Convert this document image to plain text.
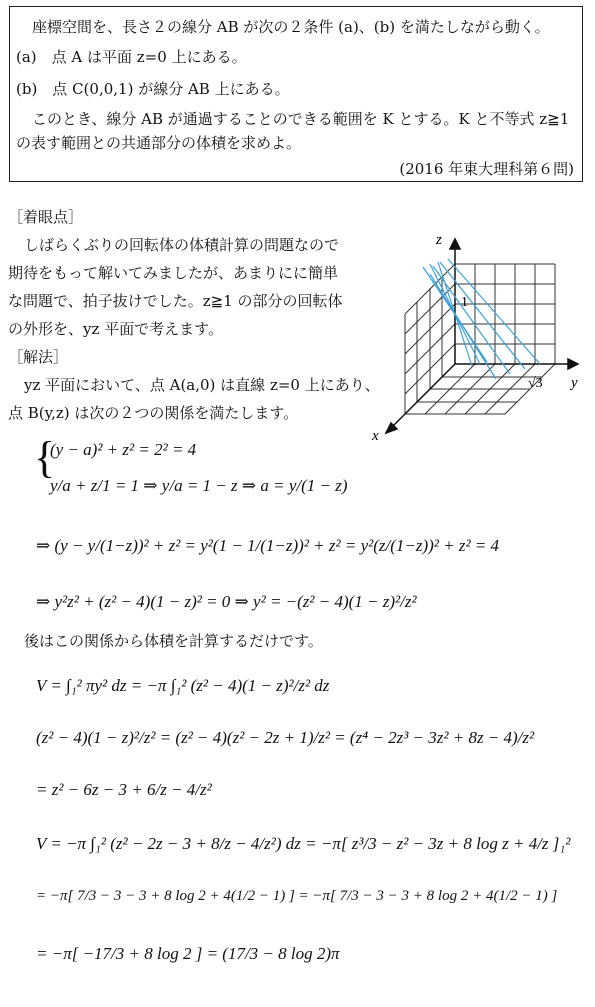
座標空間を、長さ２の線分 AB が次の２条件 (a)、(b) を満たしながら動く。
(a)　点 A は平面 z=0 上にある。
(b)　点 C(0,0,1) が線分 AB 上にある。
このとき、線分 AB が通過することのできる範囲を K とする。K と不等式 z≧1
の表す範囲との共通部分の体積を求めよ。
(2016 年東大理科第６問)
［着眼点］
しばらくぶりの回転体の体積計算の問題なので
期待をもって解いてみましたが、あまりにに簡単
な問題で、拍子抜けでした。z≧1 の部分の回転体
の外形を、yz 平面で考えます。
［解法］
yz 平面において、点 A(a,0) は直線 z=0 上にあり、
点 B(y,z) は次の２つの関係を満たします。
z
y
x
1
√3
{
(y − a)² + z² = 2² = 4
y/a + z/1 = 1 ⇒ y/a = 1 − z ⇒ a = y/(1 − z)
⇒ (y − y/(1−z))² + z² = y²(1 − 1/(1−z))² + z² = y²(z/(1−z))² + z² = 4
⇒ y²z² + (z² − 4)(1 − z)² = 0 ⇒ y² = −(z² − 4)(1 − z)²/z²
後はこの関係から体積を計算するだけです。
V = ∫₁² πy² dz = −π ∫₁² (z² − 4)(1 − z)²/z² dz
(z² − 4)(1 − z)²/z² = (z² − 4)(z² − 2z + 1)/z² = (z⁴ − 2z³ − 3z² + 8z − 4)/z²
= z² − 6z − 3 + 6/z − 4/z²
V = −π ∫₁² (z² − 2z − 3 + 8/z − 4/z²) dz = −π[ z³/3 − z² − 3z + 8 log z + 4/z ]₁²
= −π[ 7/3 − 3 − 3 + 8 log 2 + 4(1/2 − 1) ] = −π[ 7/3 − 3 − 3 + 8 log 2 + 4(1/2 − 1) ]
= −π[ −17/3 + 8 log 2 ] = (17/3 − 8 log 2)π
